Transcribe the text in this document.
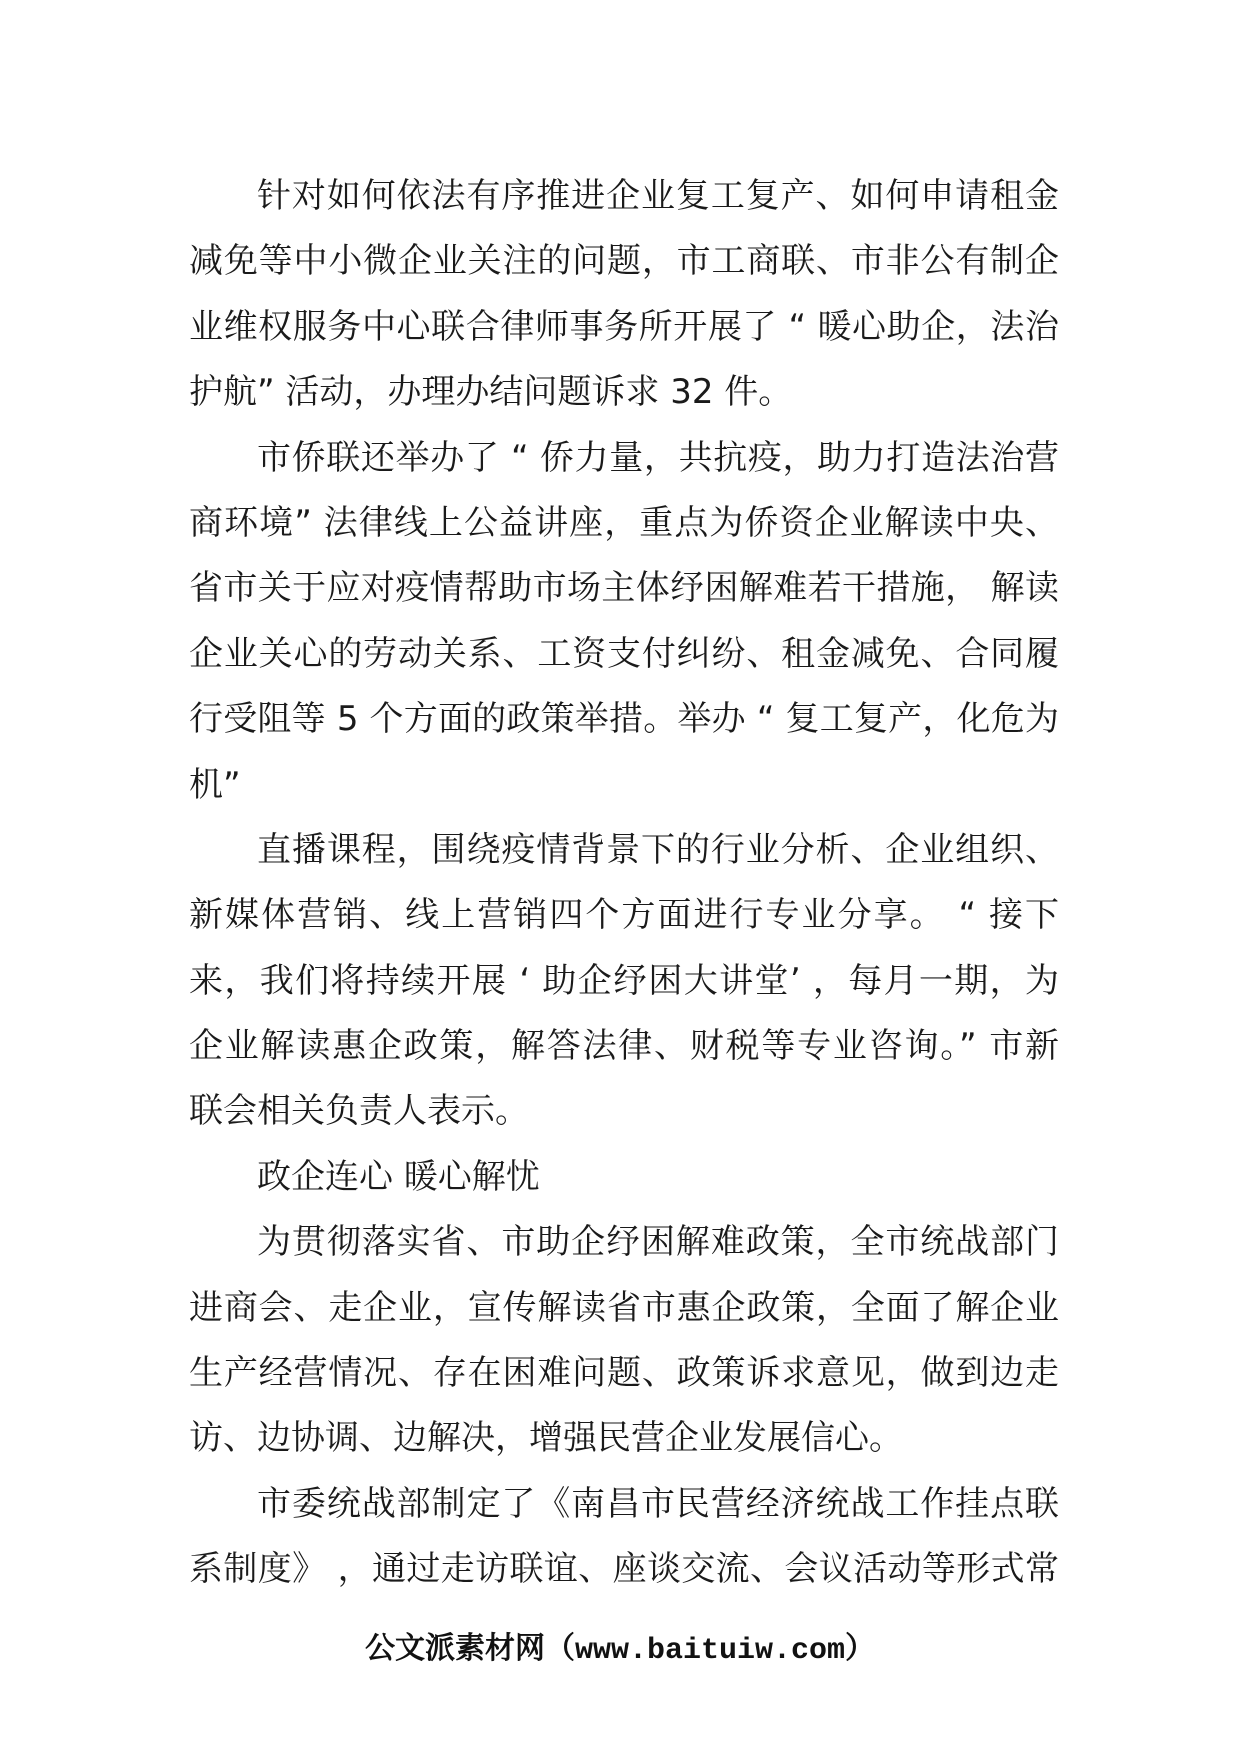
针对如何依法有序推进企业复工复产、如何申请租金
减免等中小微企业关注的问题，市工商联、市非公有制企
业维权服务中心联合律师事务所开展了 “ 暖心助企，法治
护航” 活动，办理办结问题诉求 32 件。
市侨联还举办了 “ 侨力量，共抗疫，助力打造法治营
商环境” 法律线上公益讲座，重点为侨资企业解读中央、
省市关于应对疫情帮助市场主体纾困解难若干措施， 解读
企业关心的劳动关系、工资支付纠纷、租金减免、合同履
行受阻等 5 个方面的政策举措。举办 “ 复工复产，化危为
机”
直播课程，围绕疫情背景下的行业分析、企业组织、
新媒体营销、线上营销四个方面进行专业分享。 “ 接下
来，我们将持续开展 ‘ 助企纾困大讲堂’ ，每月一期，为
企业解读惠企政策，解答法律、财税等专业咨询。” 市新
联会相关负责人表示。
政企连心 暖心解忧
为贯彻落实省、市助企纾困解难政策，全市统战部门
进商会、走企业，宣传解读省市惠企政策，全面了解企业
生产经营情况、存在困难问题、政策诉求意见，做到边走
访、边协调、边解决，增强民营企业发展信心。
市委统战部制定了《南昌市民营经济统战工作挂点联
系制度》 ，通过走访联谊、座谈交流、会议活动等形式常
公文派素材网（www.baituiw.com）
